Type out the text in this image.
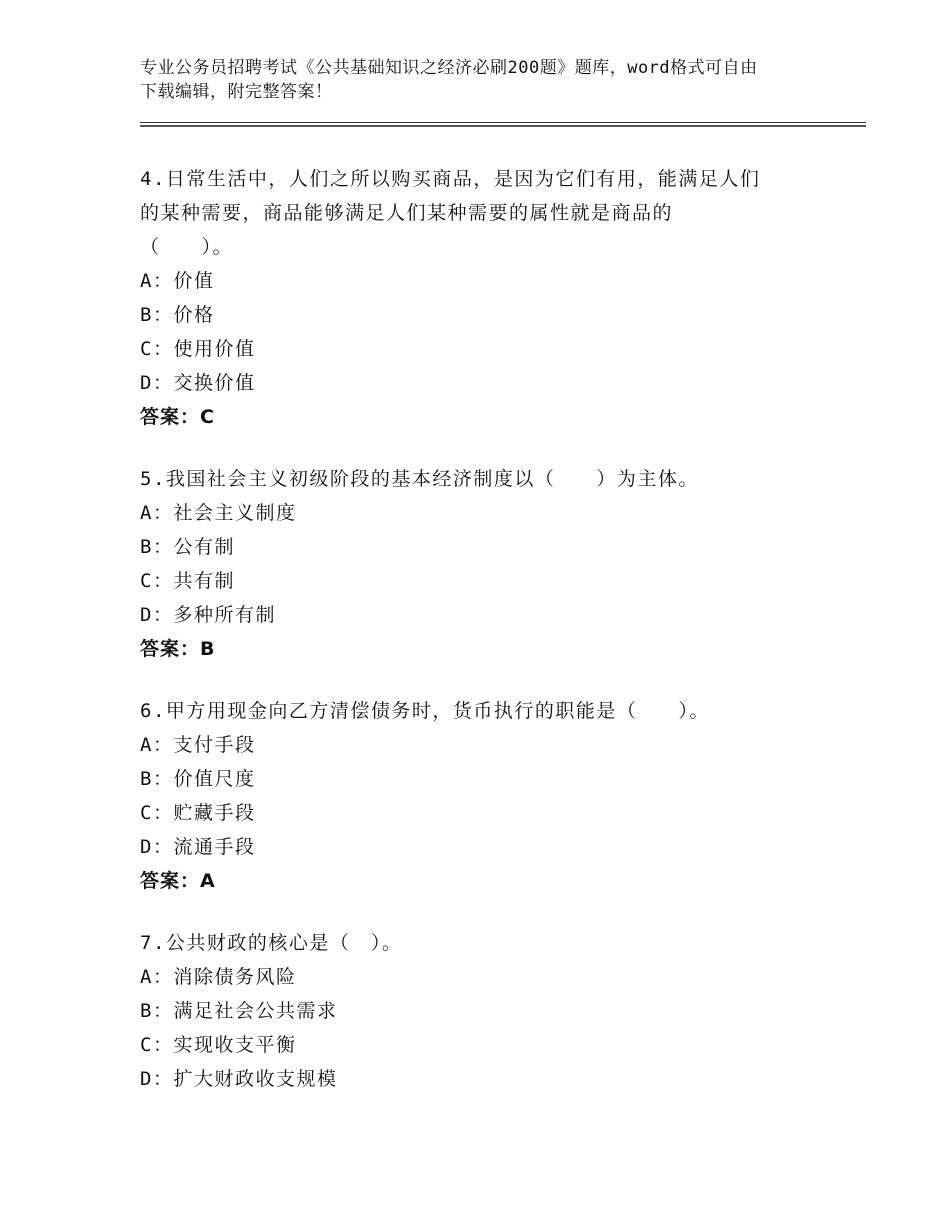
专业公务员招聘考试《公共基础知识之经济必刷200题》题库，word格式可自由
下载编辑，附完整答案！

4.日常生活中，人们之所以购买商品，是因为它们有用，能满足人们

的某种需要，商品能够满足人们某种需要的属性就是商品的

（　　）。

A：价值

B：价格

C：使用价值

D：交换价值

答案：C

5.我国社会主义初级阶段的基本经济制度以（　　）为主体。

A：社会主义制度

B：公有制

C：共有制

D：多种所有制

答案：B

6.甲方用现金向乙方清偿债务时，货币执行的职能是（　　）。

A：支付手段

B：价值尺度

C：贮藏手段

D：流通手段

答案：A

7.公共财政的核心是（　）。

A：消除债务风险

B：满足社会公共需求

C：实现收支平衡

D：扩大财政收支规模
